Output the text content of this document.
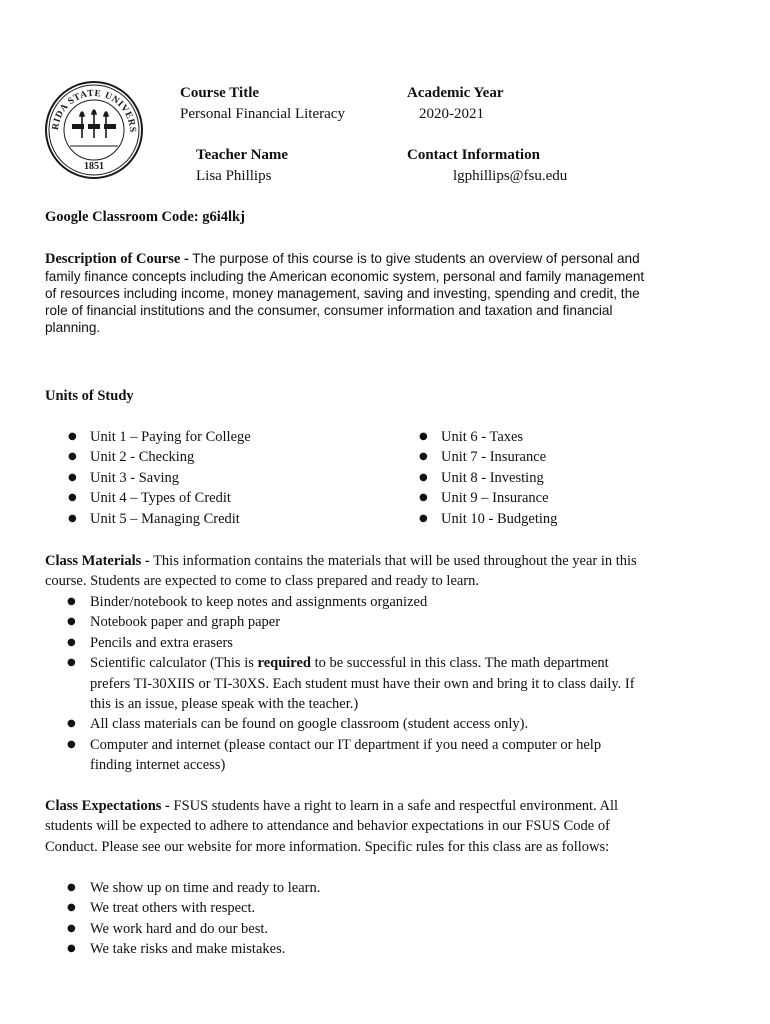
RIDA STATE UNIVERS
1851
Course Title
Personal Financial Literacy
Academic Year
2020-2021
Teacher Name
Lisa Phillips
Contact Information
lgphillips@fsu.edu
Google Classroom Code: g6i4lkj
Description of Course - The purpose of this course is to give students an overview of personal and family finance concepts including the American economic system, personal and family management of resources including income, money management, saving and investing, spending and credit, the role of financial institutions and the consumer, consumer information and taxation and financial planning.
Units of Study
● Unit 1 – Paying for College
● Unit 2 - Checking
● Unit 3 - Saving
● Unit 4 – Types of Credit
● Unit 5 – Managing Credit
● Unit 6 - Taxes
● Unit 7 - Insurance
● Unit 8 - Investing
● Unit 9 – Insurance
● Unit 10 - Budgeting
Class Materials - This information contains the materials that will be used throughout the year in this course. Students are expected to come to class prepared and ready to learn.
● Binder/notebook to keep notes and assignments organized
● Notebook paper and graph paper
● Pencils and extra erasers
● Scientific calculator (This is required to be successful in this class. The math department prefers TI-30XIIS or TI-30XS. Each student must have their own and bring it to class daily. If this is an issue, please speak with the teacher.)
● All class materials can be found on google classroom (student access only).
● Computer and internet (please contact our IT department if you need a computer or help finding internet access)
Class Expectations - FSUS students have a right to learn in a safe and respectful environment. All students will be expected to adhere to attendance and behavior expectations in our FSUS Code of Conduct. Please see our website for more information. Specific rules for this class are as follows:
● We show up on time and ready to learn.
● We treat others with respect.
● We work hard and do our best.
● We take risks and make mistakes.
